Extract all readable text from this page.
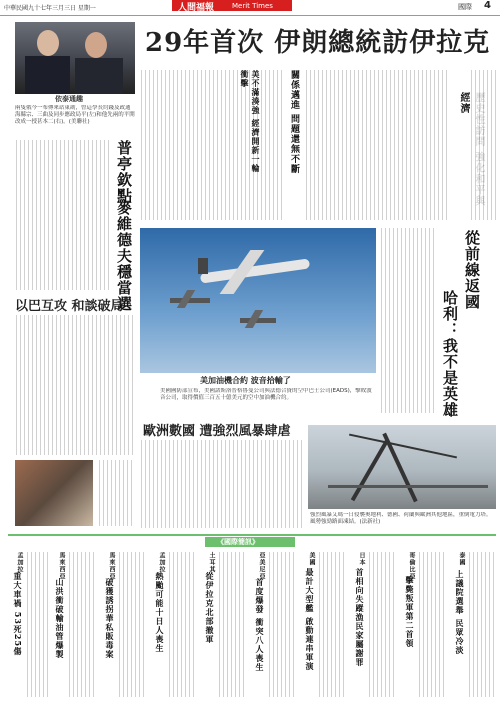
中華民國九十七年三月三日 星期一	人間福報	Merit Times	國際 4
29年首次 伊朗總統訪伊拉克
經濟
關係邁進 問題還無不斷
依泰通趣
兩隻俄今一布傳來站東勘，曾這學長約錢及政通海縣宗、三曲及同步應政局平(左)和他先兩的平開改成一授甚本二(右)。(美聯社)
普亭欽點
麥維德夫穩當選
以巴互攻 和談破局
美加油機合約 波音拾輸了
美國國防部宣布，美國諾斯洛普格魯曼公司與法德合資的空中巴士公司(EADS)，擊敗波音公司，取得價值三百五十億美元的空中加油機合約。
美不滿湊強 經濟開新一輪衝擊
從前線返國
哈利：我不是英雄
歐洲數國 遭強烈風暴肆虐
強烈風暴艾瑪一日侵襲奧地利、德國、荷蘭與歐洲其他地區，重倒電力塔。風勢強勁路面凍結。(法新社)
《國際簡訊》
泰國
上議院選舉 民眾冷淡
哥倫比亞
擊斃叛軍第二首領
日本
首相向失蹤漁民家屬謝罪
美國
最計大型艦 啟動連串軍演
亞美尼亞
首度爆發 衝突八人喪生
土耳其
從伊拉克北部撤軍
孟加拉
熱颱可能十日人喪生
馬來西亞
破獲誘拐華私販毒案
馬來西亞
山洪衝破輸油管爆製
孟加拉
重大車禍 53死25傷
